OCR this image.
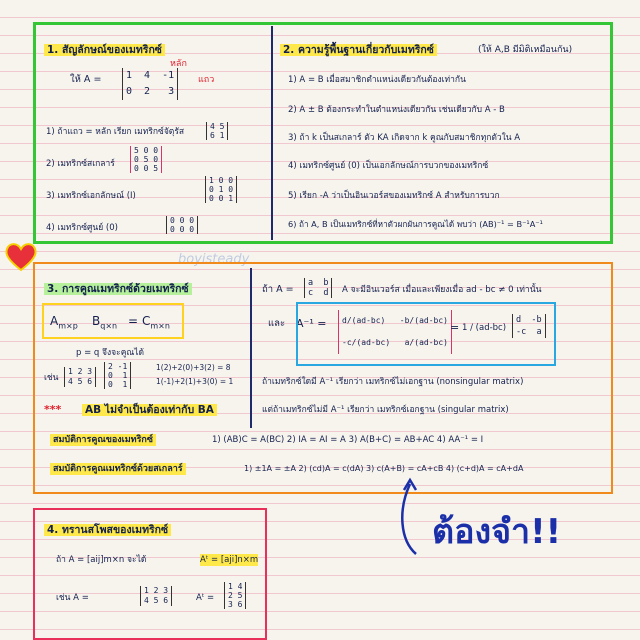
1. สัญลักษณ์ของเมทริกซ์
หลัก
ให้ A =	1  4  -1
0  2   3
แถว
1) ถ้าแถว = หลัก เรียก เมทริกซ์จัตุรัส
4 5
6 1
2) เมทริกซ์สเกลาร์
5 0 0
0 5 0
0 0 5
3) เมทริกซ์เอกลักษณ์ (I)
1 0 0
0 1 0
0 0 1
4) เมทริกซ์ศูนย์ (0)
0 0 0
0 0 0
2. ความรู้พื้นฐานเกี่ยวกับเมทริกซ์	(ให้ A,B มีมิติเหมือนกัน)
1) A = B เมื่อสมาชิกตำแหน่งเดียวกันต้องเท่ากัน
2) A ± B ต้องกระทำในตำแหน่งเดียวกัน เช่นเดียวกับ A - B
3) ถ้า k เป็นสเกลาร์ ตัว KA เกิดจาก k คูณกับสมาชิกทุกตัวใน A
4) เมทริกซ์ศูนย์ (0) เป็นเอกลักษณ์การบวกของเมทริกซ์
5) เรียก -A ว่าเป็นอินเวอร์สของเมทริกซ์ A สำหรับการบวก
6) ถ้า A, B เป็นเมทริกซ์ที่หาตัวผกผันการคูณได้ พบว่า (AB)⁻¹ = B⁻¹A⁻¹
boyisteady
3. การคูณเมทริกซ์ด้วยเมทริกซ์
$A_{m\times p}$ $B_{q\times n} = C_{m\times n}$
p = q จึงจะคูณได้
เช่น
1 2 3
4 5 6
2 -1
0  1
0  1
1(2)+2(0)+3(2) = 8
1(-1)+2(1)+3(0) = 1
*** AB ไม่จำเป็นต้องเท่ากับ BA
ถ้า A =
a  b
c  d	A จะมีอินเวอร์ส เมื่อและเพียงเมื่อ ad - bc ≠ 0 เท่านั้น
และ A⁻¹ =	d/(ad-bc)   -b/(ad-bc)
-c/(ad-bc)   a/(ad-bc)
= 1 / (ad-bc)
d  -b
-c  a
ถ้าเมทริกซ์ใดมี A⁻¹ เรียกว่า เมทริกซ์ไม่เอกฐาน (nonsingular matrix)
แต่ถ้าเมทริกซ์ไม่มี A⁻¹ เรียกว่า เมทริกซ์เอกฐาน (singular matrix)
สมบัติการคูณของเมทริกซ์	1) (AB)C = A(BC) 2) IA = AI = A 3) A(B+C) = AB+AC 4) AA⁻¹ = I
สมบัติการคูณเมทริกซ์ด้วยสเกลาร์	1) ±1A = ±A 2) (cd)A = c(dA) 3) c(A+B) = cA+cB 4) (c+d)A = cA+dA
4. ทรานสโพสของเมทริกซ์
ถ้า A = [aij]m×n จะได้	Aᵗ = [aji]n×m
เช่น A =
1 2 3
4 5 6	Aᵗ =
1 4
2 5
3 6
ต้องจำ!!
